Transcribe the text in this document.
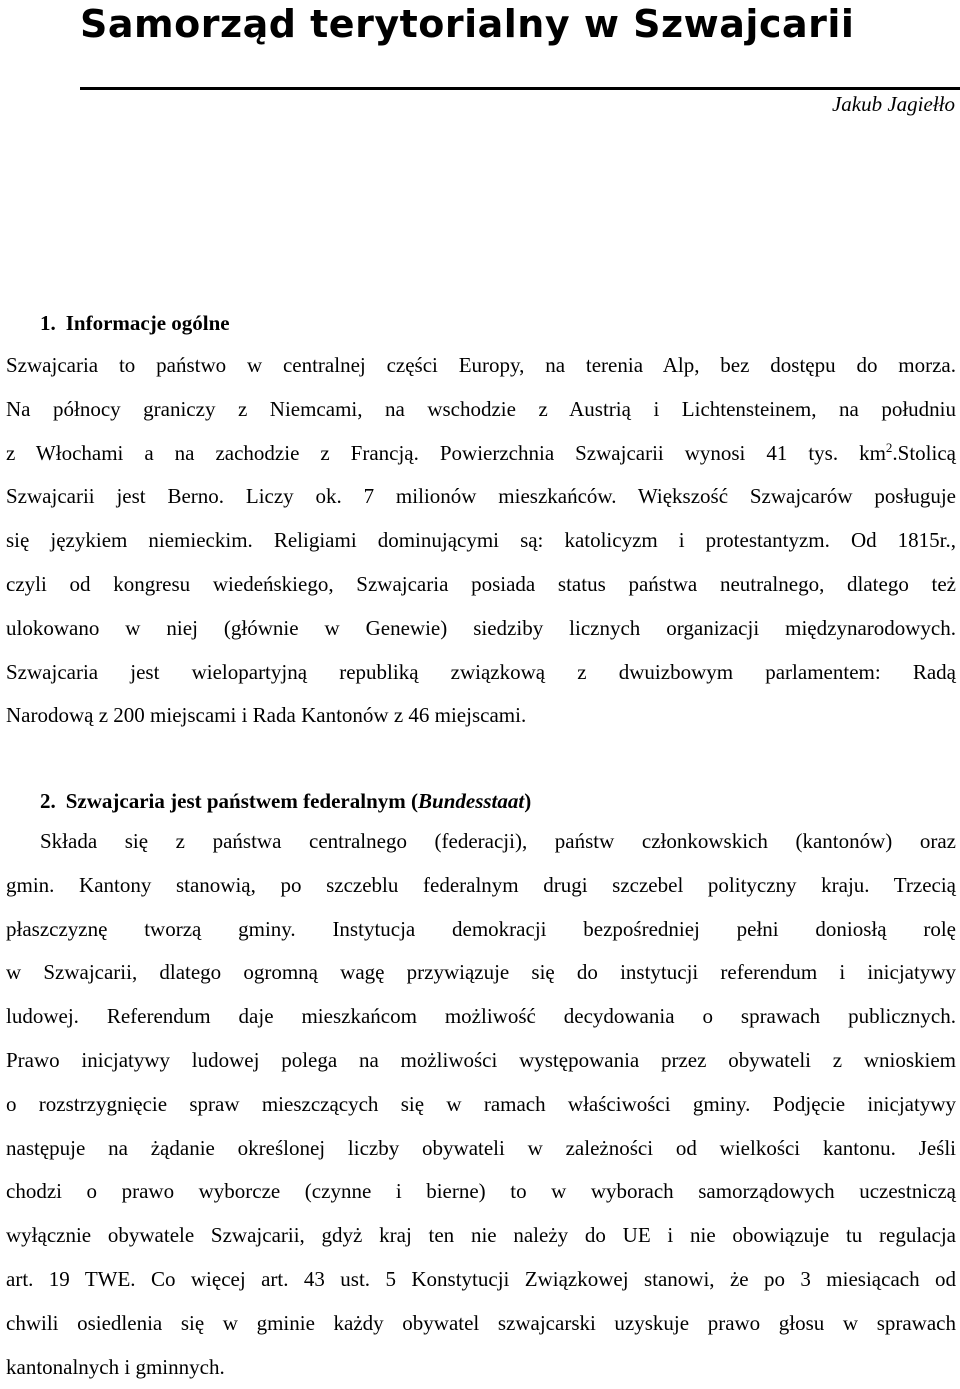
Samorząd terytorialny w Szwajcarii
Jakub Jagiełło
1. Informacje ogólne
Szwajcaria to państwo w centralnej części Europy, na terenia Alp, bez dostępu do morza.
Na północy graniczy z Niemcami, na wschodzie z Austrią i Lichtensteinem, na południu
z Włochami a na zachodzie z Francją. Powierzchnia Szwajcarii wynosi 41 tys. $km^2.Stolicą$
Szwajcarii jest Berno. Liczy ok. 7 milionów mieszkańców. Większość Szwajcarów posługuje
się językiem niemieckim. Religiami dominującymi są: katolicyzm i protestantyzm. Od 1815r.,
czyli od kongresu wiedeńskiego, Szwajcaria posiada status państwa neutralnego, dlatego też
ulokowano w niej (głównie w Genewie) siedziby licznych organizacji międzynarodowych.
Szwajcaria jest wielopartyjną republiką związkową z dwuizbowym parlamentem: Radą
Narodową z 200 miejscami i Rada Kantonów z 46 miejscami.
2. Szwajcaria jest państwem federalnym (Bundesstaat)
Składa się z państwa centralnego (federacji), państw członkowskich (kantonów) oraz
gmin. Kantony stanowią, po szczeblu federalnym drugi szczebel polityczny kraju. Trzecią
płaszczyznę tworzą gminy. Instytucja demokracji bezpośredniej pełni doniosłą rolę
w Szwajcarii, dlatego ogromną wagę przywiązuje się do instytucji referendum i inicjatywy
ludowej. Referendum daje mieszkańcom możliwość decydowania o sprawach publicznych.
Prawo inicjatywy ludowej polega na możliwości występowania przez obywateli z wnioskiem
o rozstrzygnięcie spraw mieszczących się w ramach właściwości gminy. Podjęcie inicjatywy
następuje na żądanie określonej liczby obywateli w zależności od wielkości kantonu. Jeśli
chodzi o prawo wyborcze (czynne i bierne) to w wyborach samorządowych uczestniczą
wyłącznie obywatele Szwajcarii, gdyż kraj ten nie należy do UE i nie obowiązuje tu regulacja
art. 19 TWE. Co więcej art. 43 ust. 5 Konstytucji Związkowej stanowi, że po 3 miesiącach od
chwili osiedlenia się w gminie każdy obywatel szwajcarski uzyskuje prawo głosu w sprawach
kantonalnych i gminnych.
